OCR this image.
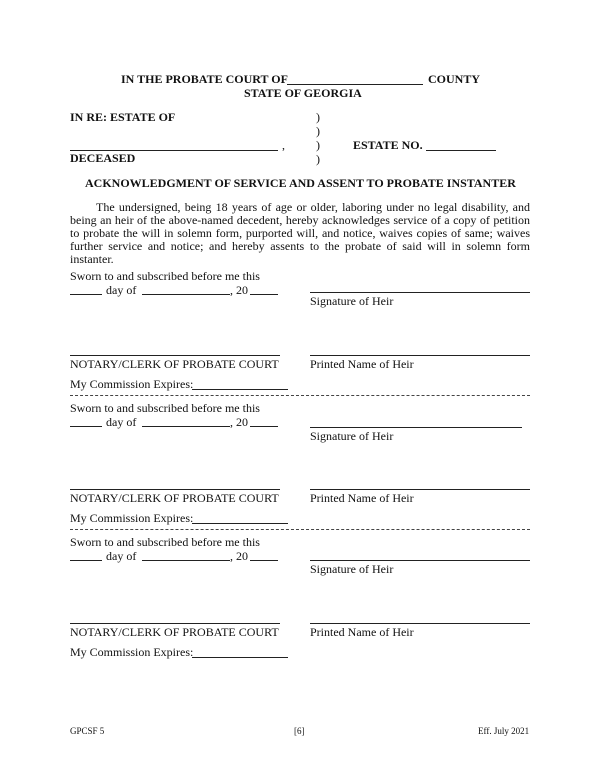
IN THE PROBATE COURT OF	COUNTY
STATE OF GEORGIA
IN RE: ESTATE OF
,
DECEASED
)
)
)
)
ESTATE NO.
ACKNOWLEDGMENT OF SERVICE AND ASSENT TO PROBATE INSTANTER
The undersigned, being 18 years of age or older, laboring under no legal disability, and being an heir of the above-named decedent, hereby acknowledges service of a copy of petition to probate the will in solemn form, purported will, and notice, waives copies of same; waives further service and notice; and hereby assents to the probate of said will in solemn form instanter.
Sworn to and subscribed before me this
day of	, 20
Signature of Heir
NOTARY/CLERK OF PROBATE COURT	Printed Name of Heir
My Commission Expires:
Sworn to and subscribed before me this
day of	, 20
Signature of Heir
NOTARY/CLERK OF PROBATE COURT	Printed Name of Heir
My Commission Expires:
Sworn to and subscribed before me this
day of	, 20
Signature of Heir
NOTARY/CLERK OF PROBATE COURT	Printed Name of Heir
My Commission Expires:
GPCSF 5	[6]	Eff. July 2021
